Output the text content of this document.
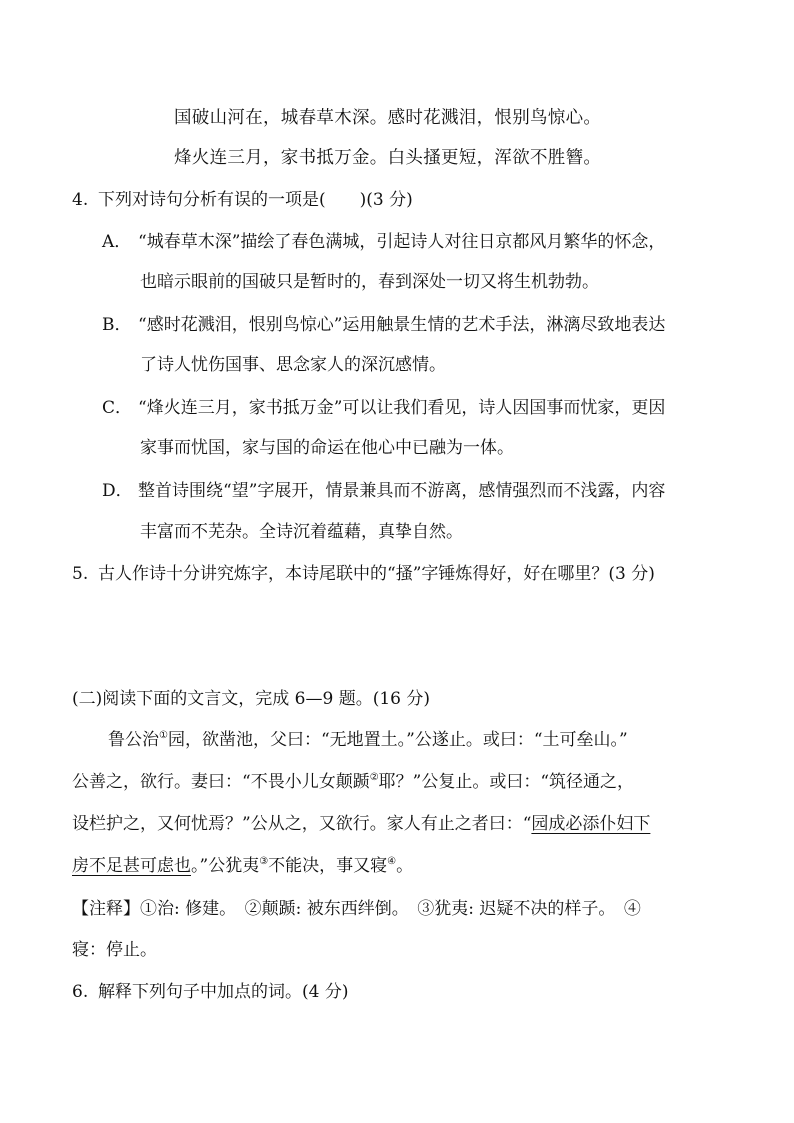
国破山河在，城春草木深。感时花溅泪，恨别鸟惊心。
烽火连三月，家书抵万金。白头搔更短，浑欲不胜簪。
4. 下列对诗句分析有误的一项是(　　)(3 分)
A． “城春草木深”描绘了春色满城，引起诗人对往日京都风月繁华的怀念，
也暗示眼前的国破只是暂时的，春到深处一切又将生机勃勃。
B． “感时花溅泪，恨别鸟惊心”运用触景生情的艺术手法，淋漓尽致地表达
了诗人忧伤国事、思念家人的深沉感情。
C． “烽火连三月，家书抵万金”可以让我们看见，诗人因国事而忧家，更因
家事而忧国，家与国的命运在他心中已融为一体。
D． 整首诗围绕“望”字展开，情景兼具而不游离，感情强烈而不浅露，内容
丰富而不芜杂。全诗沉着蕴藉，真挚自然。
5. 古人作诗十分讲究炼字，本诗尾联中的“搔”字锤炼得好，好在哪里？(3 分)
(二)阅读下面的文言文，完成 6—9 题。(16 分)
鲁公治①园，欲凿池，父曰：“无地置土。”公遂止。或曰：“土可垒山。”
公善之，欲行。妻曰：“不畏小儿女颠踬②耶？”公复止。或曰：“筑径通之，
设栏护之，又何忧焉？”公从之，又欲行。家人有止之者曰：“园成必添仆妇下
房不足甚可虑也。”公犹夷③不能决，事又寝④。
【注释】①治: 修建。　②颠踬: 被东西绊倒。　③犹夷: 迟疑不决的样子。　④
寝：停止。
6. 解释下列句子中加点的词。(4 分)
